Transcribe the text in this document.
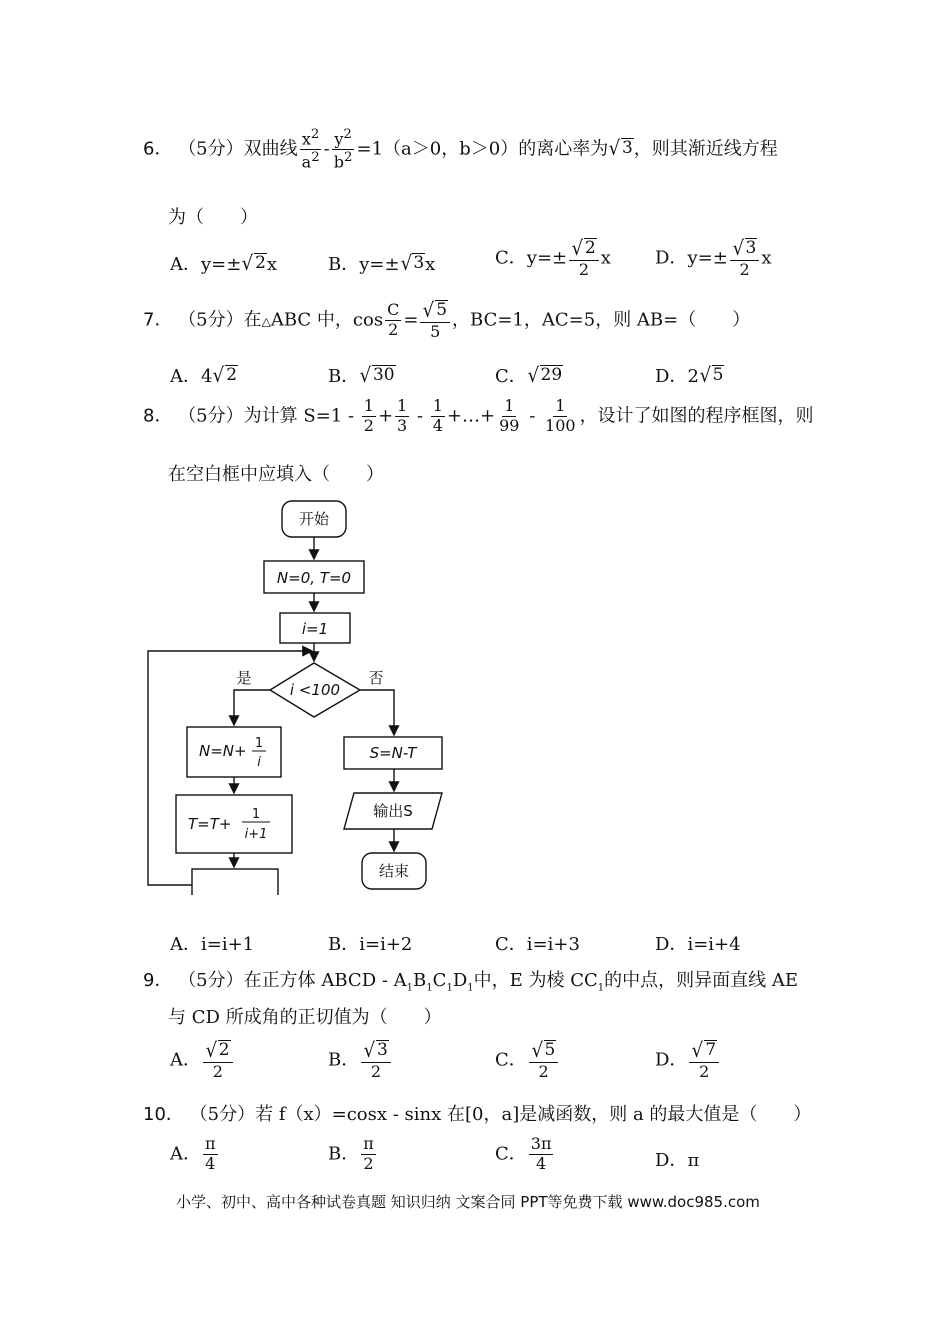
6． （5分）双曲线 $\frac{x^2}{a^2} - \frac{y^2}{b^2} =1(a>0$，b＞0）的离心率为 √ 3 ，则其渐近线方程
为（　　）
A．y=± √ 2 x	B．y=± √ 3 x	C．$y=\pm \frac{√ 2}{2}$ x D．$y=\pm \frac{√ 3}{2}$ x
7． （5分）在△ABC 中，$\cos \frac{C}{2} = \frac{√ 5}{5}$ ，BC=1，AC=5，则 AB=（　　）
A．4 √ 2	B． √ 30	C． √ 29	D．2 √ 5
8． （5分）为计算 $S=1 - \frac{1}{2} + \frac{1}{3} - \frac{1}{4}$ +…+ $\frac{1}{99} - \frac{1}{100}$ ，设计了如图的程序框图，则
在空白框中应填入（　　）
开始
N=0, T=0
i=1
i <100
是	否
N=N+ 1
i
T=T+
1
i+1
S=N-T
输出S
结束
A．i=i+1	B．i=i+2	C．i=i+3	D．i=i+4
9． （5分）在正方体 ABCD - $A_1B_1C_1D_1$中，E 为棱 $CC_1$的中点，则异面直线 AE
与 CD 所成角的正切值为（　　）
A． $\frac{√ 2}{2}$	B． $\frac{√ 3}{2}$	C． $\frac{√ 5}{2}$	D． $\frac{√ 7}{2}$
10． （5分）若 f（x）=cosx - sinx 在[0，a]是减函数，则 a 的最大值是（　　）
A． $\frac{\pi}{4}$	B． $\frac{\pi}{2}$	C． $\frac{3\pi}{4}$	D．π
小学、初中、高中各种试卷真题 知识归纳 文案合同 PPT等免费下载 www.doc985.com
